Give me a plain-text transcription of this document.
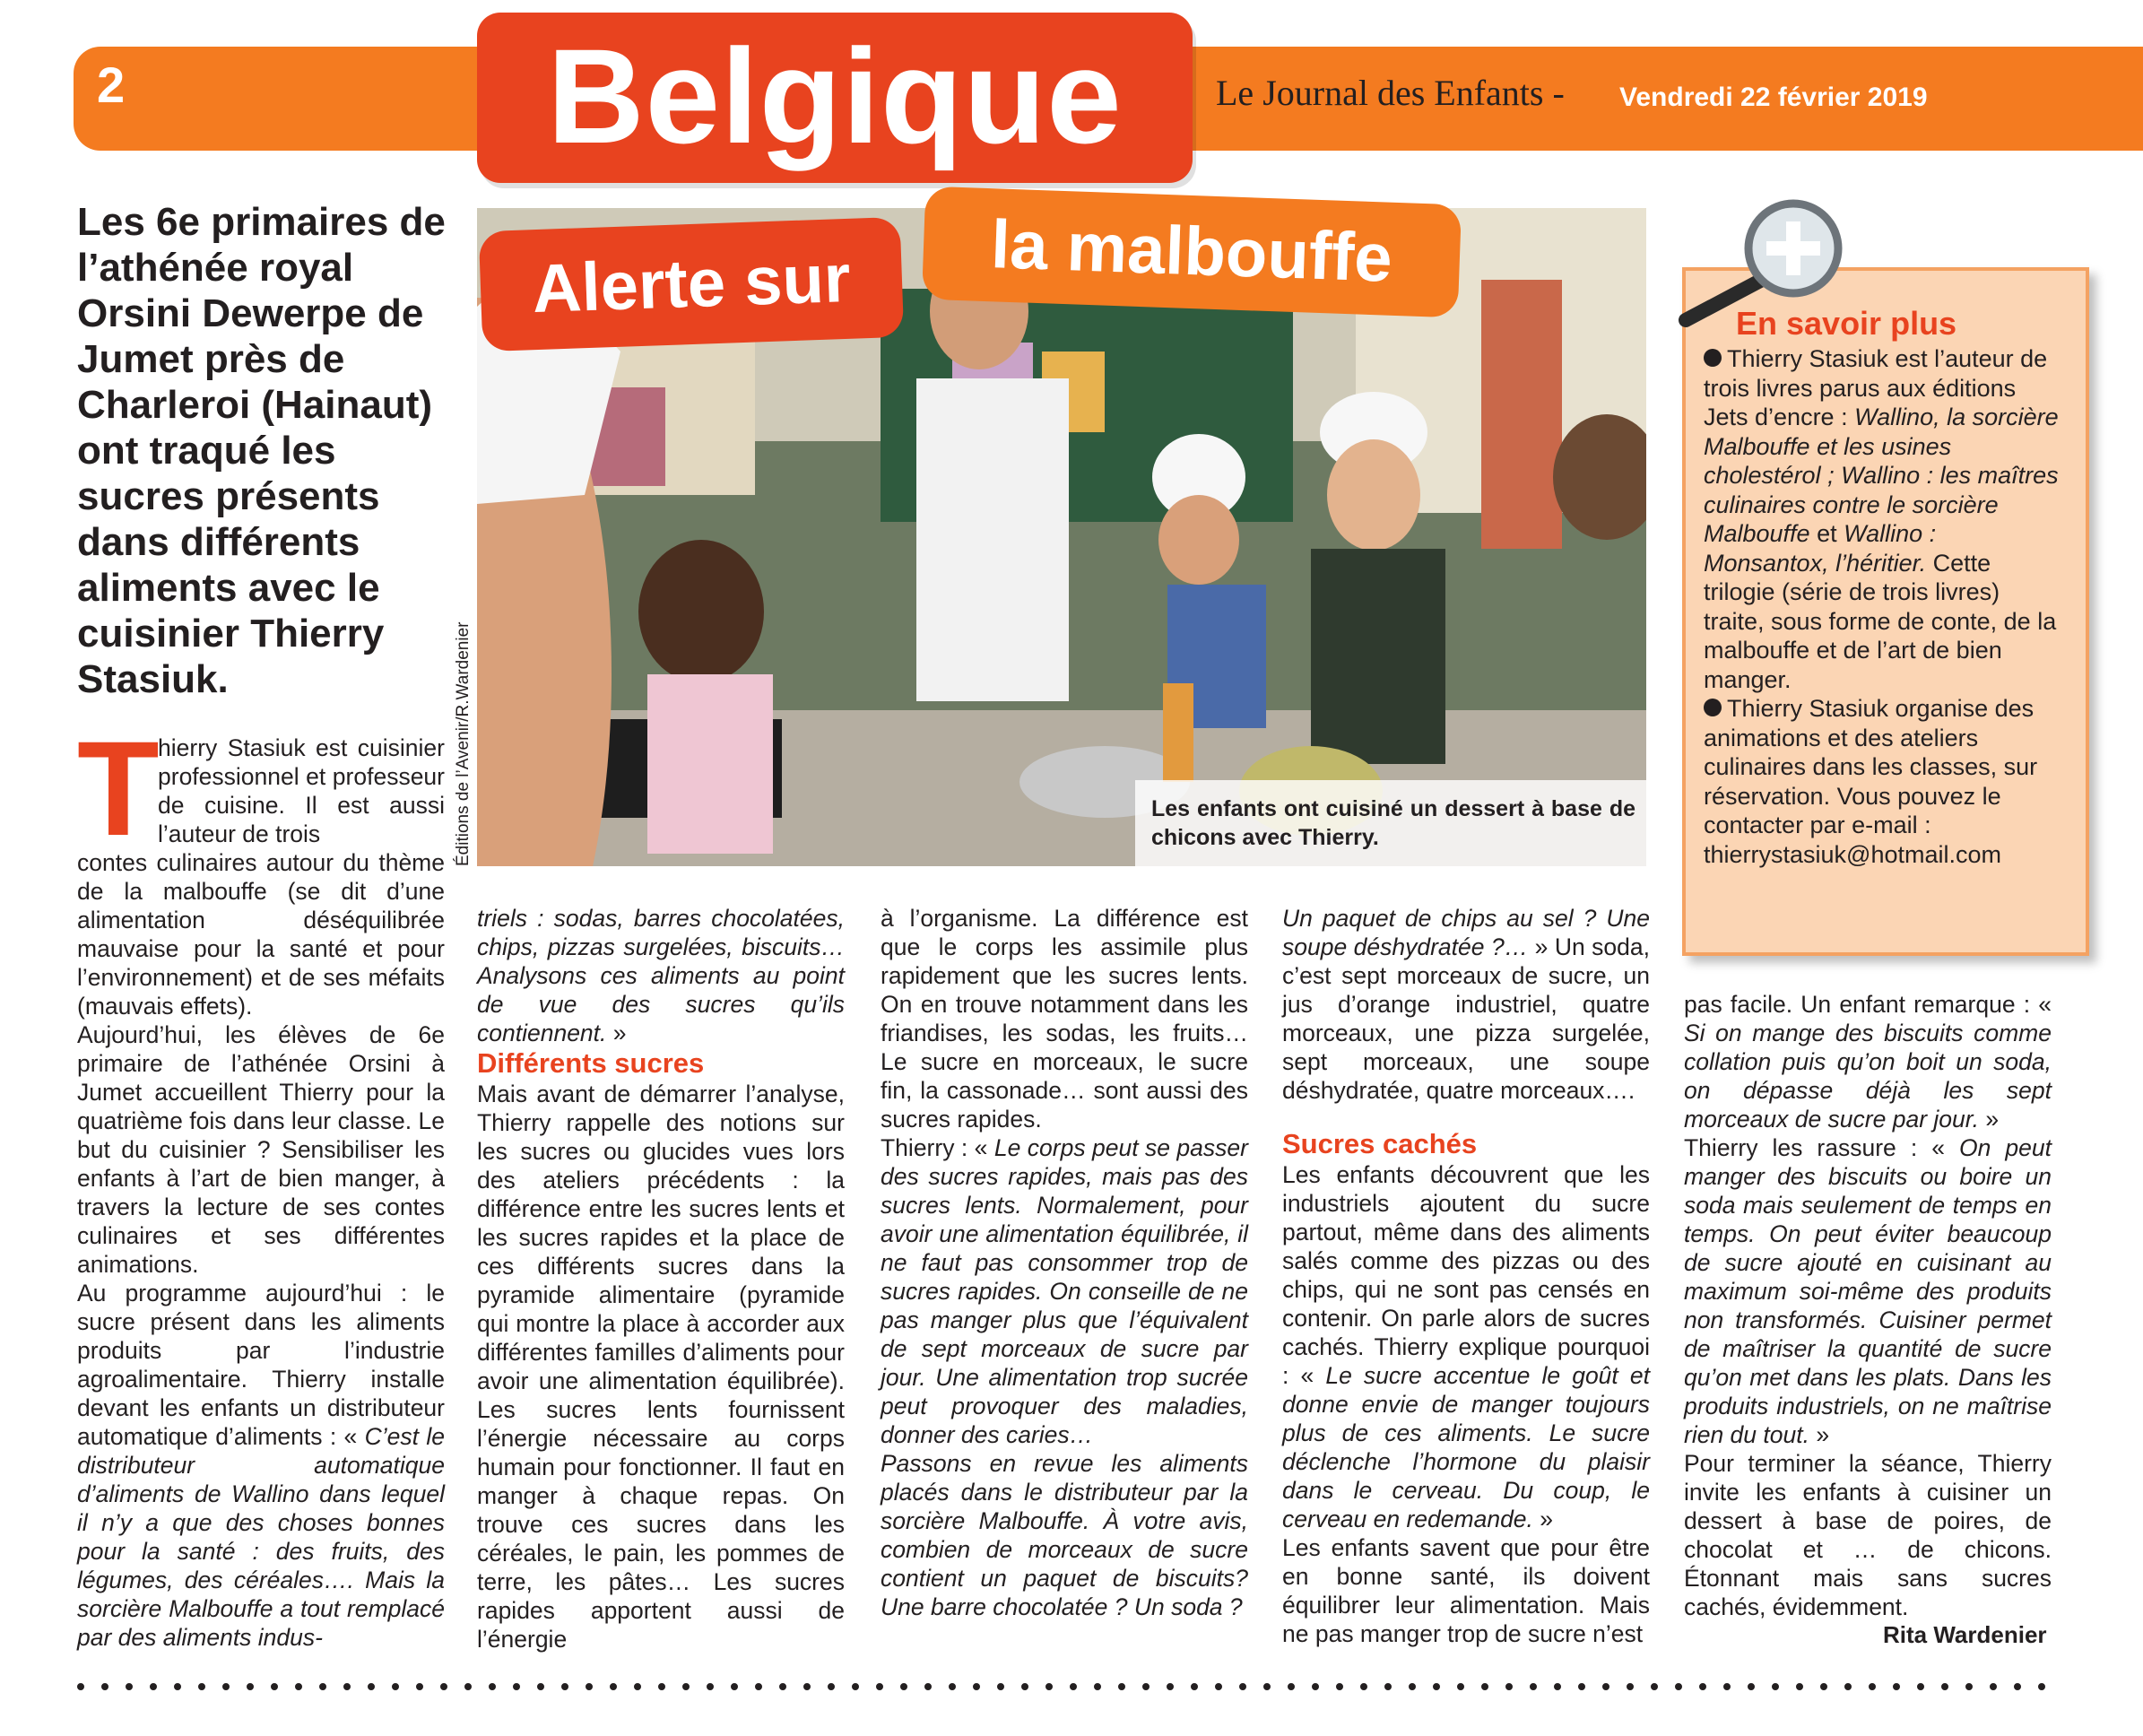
2	Belgique	Le Journal des Enfants - Vendredi 22 février 2019
Les 6e primaires de l’athénée royal Orsini Dewerpe de Jumet près de Charleroi (Hainaut) ont traqué les sucres présents dans différents aliments avec le cuisinier Thierry Stasiuk.	Éditions de l’Avenir/R.Wardenier	Les enfants ont cuisiné un dessert à base de chicons avec Thierry.
Alerte sur	la malbouffe
T
hierry Stasiuk est cuisinier professionnel et professeur de cuisine. Il est aussi l’auteur de trois

contes culinaires autour du thème de la malbouffe (se dit d’une alimentation déséquilibrée mauvaise pour la santé et pour l’environnement) et de ses méfaits (mauvais effets).

Aujourd’hui, les élèves de 6e primaire de l’athénée Orsini à Jumet accueillent Thierry pour la quatrième fois dans leur classe. Le but du cuisinier ? Sensibiliser les enfants à l’art de bien manger, à travers la lecture de ses contes culinaires et ses différentes animations.

Au programme aujourd’hui : le sucre présent dans les aliments produits par l’industrie agroalimentaire. Thierry installe devant les enfants un distributeur automatique d’aliments : « C’est le distributeur automatique d’aliments de Wallino dans lequel il n’y a que des choses bonnes pour la santé : des fruits, des légumes, des céréales…. Mais la sorcière Malbouffe a tout remplacé par des aliments indus-

triels : sodas, barres chocolatées, chips, pizzas surgelées, biscuits… Analysons ces aliments au point de vue des sucres qu’ils contiennent. »

Différents sucres

Mais avant de démarrer l’analyse, Thierry rappelle des notions sur les sucres ou glucides vues lors des ateliers précédents : la différence entre les sucres lents et les sucres rapides et la place de ces différents sucres dans la pyramide alimentaire (pyramide qui montre la place à accorder aux différentes familles d’aliments pour avoir une alimentation équilibrée). Les sucres lents fournissent l’énergie nécessaire au corps humain pour fonctionner. Il faut en manger à chaque repas. On trouve ces sucres dans les céréales, le pain, les pommes de terre, les pâtes… Les sucres rapides apportent aussi de l’énergie

à l’organisme. La différence est que le corps les assimile plus rapidement que les sucres lents. On en trouve notamment dans les friandises, les sodas, les fruits… Le sucre en morceaux, le sucre fin, la cassonade… sont aussi des sucres rapides.

Thierry : « Le corps peut se passer des sucres rapides, mais pas des sucres lents. Normalement, pour avoir une alimentation équilibrée, il ne faut pas consommer trop de sucres rapides. On conseille de ne pas manger plus que l’équivalent de sept morceaux de sucre par jour. Une alimentation trop sucrée peut provoquer des maladies, donner des caries…

Passons en revue les aliments placés dans le distributeur par la sorcière Malbouffe. À votre avis, combien de morceaux de sucre contient un paquet de biscuits? Une barre chocolatée ? Un soda ?

Un paquet de chips au sel ? Une soupe déshydratée ?… » Un soda, c’est sept morceaux de sucre, un jus d’orange industriel, quatre morceaux, une pizza surgelée, sept morceaux, une soupe déshydratée, quatre morceaux….

Sucres cachés

Les enfants découvrent que les industriels ajoutent du sucre partout, même dans des aliments salés comme des pizzas ou des chips, qui ne sont pas censés en contenir. On parle alors de sucres cachés. Thierry explique pourquoi : « Le sucre accentue le goût et donne envie de manger toujours plus de ces aliments. Le sucre déclenche l’hormone du plaisir dans le cerveau. Du coup, le cerveau en redemande. »

Les enfants savent que pour être en bonne santé, ils doivent équilibrer leur alimentation. Mais ne pas manger trop de sucre n’est

pas facile. Un enfant remarque : « Si on mange des biscuits comme collation puis qu’on boit un soda, on dépasse déjà les sept morceaux de sucre par jour. »

Thierry les rassure : « On peut manger des biscuits ou boire un soda mais seulement de temps en temps. On peut éviter beaucoup de sucre ajouté en cuisinant au maximum soi-même des produits non transformés. Cuisiner permet de maîtriser la quantité de sucre qu’on met dans les plats. Dans les produits industriels, on ne maîtrise rien du tout. »

Pour terminer la séance, Thierry invite les enfants à cuisiner un dessert à base de poires, de chocolat et … de chicons. Étonnant mais sans sucres cachés, évidemment.

Rita Wardenier
En savoir plus

Thierry Stasiuk est l’auteur de trois livres parus aux éditions Jets d’encre : Wallino, la sorcière Malbouffe et les usines cholestérol ; Wallino : les maîtres culinaires contre le sorcière Malbouffe et Wallino : Monsantox, l’héritier. Cette trilogie (série de trois livres) traite, sous forme de conte, de la malbouffe et de l’art de bien manger.

Thierry Stasiuk organise des animations et des ateliers culinaires dans les classes, sur réservation. Vous pouvez le contacter par e-mail :

thierrystasiuk@hotmail.com
